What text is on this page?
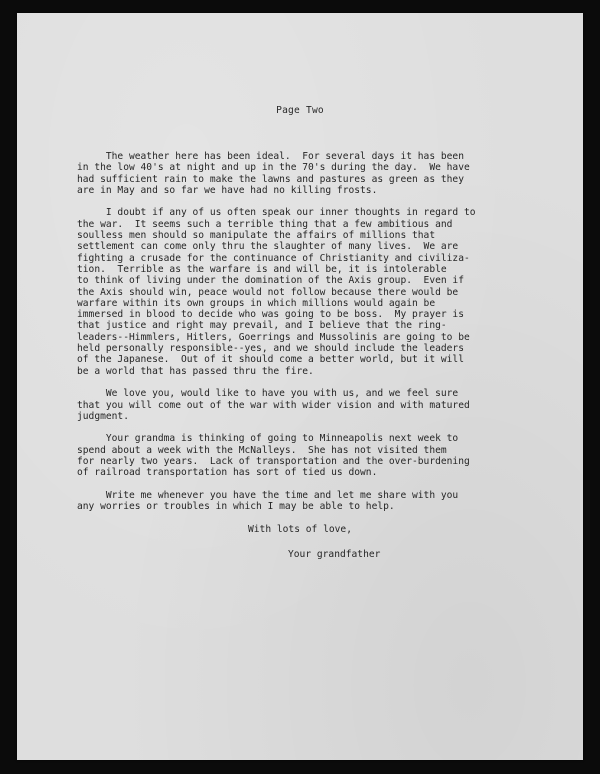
Page Two

The weather here has been ideal.  For several days it has been
in the low 40's at night and up in the 70's during the day.  We have
had sufficient rain to make the lawns and pastures as green as they
are in May and so far we have had no killing frosts.
I doubt if any of us often speak our inner thoughts in regard to
the war.  It seems such a terrible thing that a few ambitious and
soulless men should so manipulate the affairs of millions that
settlement can come only thru the slaughter of many lives.  We are
fighting a crusade for the continuance of Christianity and civiliza-
tion.  Terrible as the warfare is and will be, it is intolerable
to think of living under the domination of the Axis group.  Even if
the Axis should win, peace would not follow because there would be
warfare within its own groups in which millions would again be
immersed in blood to decide who was going to be boss.  My prayer is
that justice and right may prevail, and I believe that the ring-
leaders--Himmlers, Hitlers, Goerrings and Mussolinis are going to be
held personally responsible--yes, and we should include the leaders
of the Japanese.  Out of it should come a better world, but it will
be a world that has passed thru the fire.
We love you, would like to have you with us, and we feel sure
that you will come out of the war with wider vision and with matured
judgment.
Your grandma is thinking of going to Minneapolis next week to
spend about a week with the McNalleys.  She has not visited them
for nearly two years.  Lack of transportation and the over-burdening
of railroad transportation has sort of tied us down.
Write me whenever you have the time and let me share with you
any worries or troubles in which I may be able to help.
With lots of love,
Your grandfather
